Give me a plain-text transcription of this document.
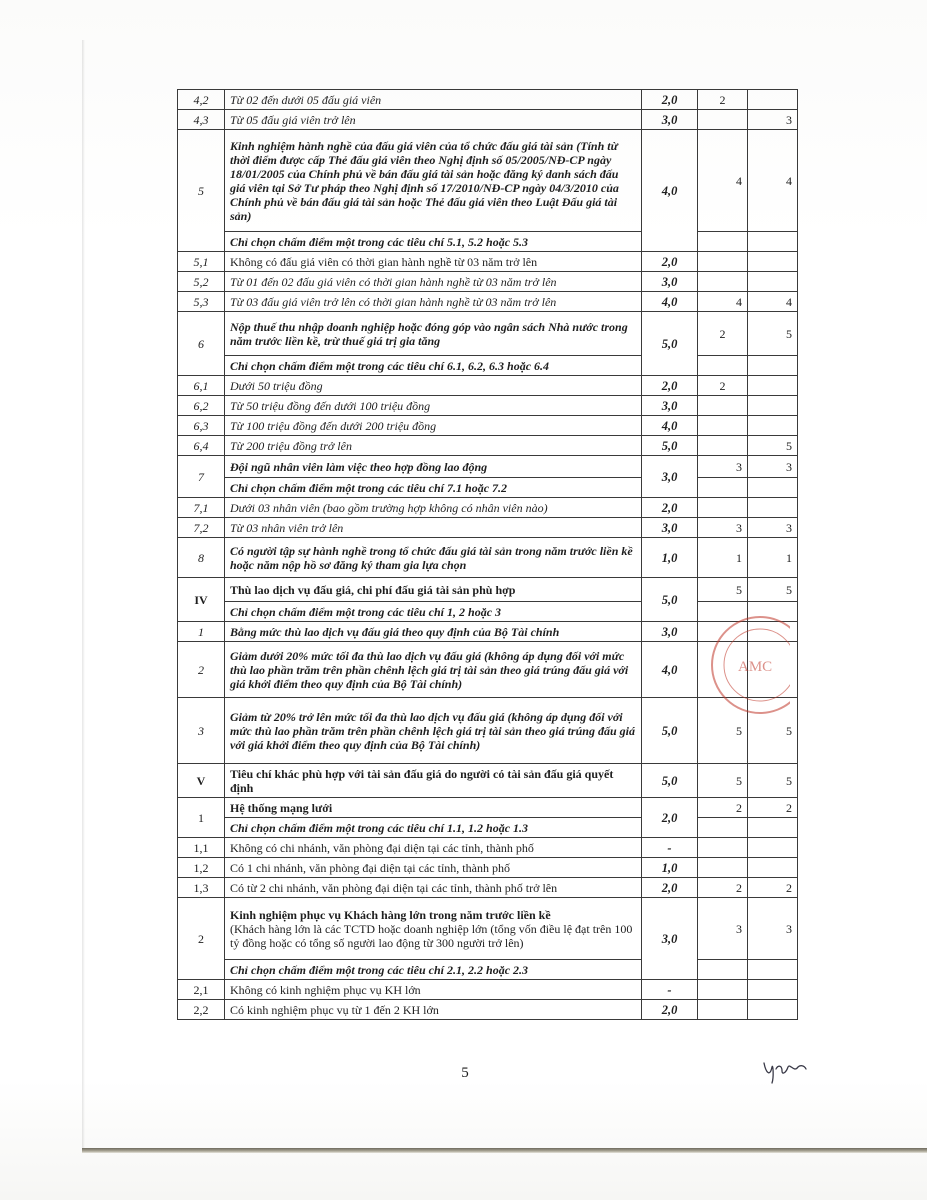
4,2	Từ 02 đến dưới 05 đấu giá viên	2,0	2	
4,3	Từ 05 đấu giá viên trở lên	3,0		3
5	Kinh nghiệm hành nghề của đấu giá viên của tổ chức đấu giá tài sản (Tính từ thời điểm được cấp Thẻ đấu giá viên theo Nghị định số 05/2005/NĐ-CP ngày 18/01/2005 của Chính phủ về bán đấu giá tài sản hoặc đăng ký danh sách đấu giá viên tại Sở Tư pháp theo Nghị định số 17/2010/NĐ-CP ngày 04/3/2010 của Chính phủ về bán đấu giá tài sản hoặc Thẻ đấu giá viên theo Luật Đấu giá tài sản)	4,0	4	4
	Chỉ chọn chấm điểm một trong các tiêu chí 5.1, 5.2 hoặc 5.3			
5,1	Không có đấu giá viên có thời gian hành nghề từ 03 năm trở lên	2,0		
5,2	Từ 01 đến 02 đấu giá viên có thời gian hành nghề từ 03 năm trở lên	3,0		
5,3	Từ 03 đấu giá viên trở lên có thời gian hành nghề từ 03 năm trở lên	4,0	4	4
6	Nộp thuế thu nhập doanh nghiệp hoặc đóng góp vào ngân sách Nhà nước trong năm trước liền kề, trừ thuế giá trị gia tăng	5,0	2	5
	Chỉ chọn chấm điểm một trong các tiêu chí 6.1, 6.2, 6.3 hoặc 6.4			
6,1	Dưới 50 triệu đồng	2,0	2	
6,2	Từ 50 triệu đồng đến dưới 100 triệu đồng	3,0		
6,3	Từ 100 triệu đồng đến dưới 200 triệu đồng	4,0		
6,4	Từ 200 triệu đồng trở lên	5,0		5
7	Đội ngũ nhân viên làm việc theo hợp đồng lao động	3,0	3	3
	Chỉ chọn chấm điểm một trong các tiêu chí 7.1 hoặc 7.2			
7,1	Dưới 03 nhân viên (bao gồm trường hợp không có nhân viên nào)	2,0		
7,2	Từ 03 nhân viên trở lên	3,0	3	3
8	Có người tập sự hành nghề trong tổ chức đấu giá tài sản trong năm trước liền kề hoặc năm nộp hồ sơ đăng ký tham gia lựa chọn	1,0	1	1
IV	Thù lao dịch vụ đấu giá, chi phí đấu giá tài sản phù hợp	5,0	5	5
	Chỉ chọn chấm điểm một trong các tiêu chí 1, 2 hoặc 3			
1	Bằng mức thù lao dịch vụ đấu giá theo quy định của Bộ Tài chính	3,0		
2	Giảm dưới 20% mức tối đa thù lao dịch vụ đấu giá (không áp dụng đối với mức thù lao phần trăm trên phần chênh lệch giá trị tài sản theo giá trúng đấu giá với giá khởi điểm theo quy định của Bộ Tài chính)	4,0		
3	Giảm từ 20% trở lên mức tối đa thù lao dịch vụ đấu giá (không áp dụng đối với mức thù lao phần trăm trên phần chênh lệch giá trị tài sản theo giá trúng đấu giá với giá khởi điểm theo quy định của Bộ Tài chính)	5,0	5	5
V	Tiêu chí khác phù hợp với tài sản đấu giá do người có tài sản đấu giá quyết định	5,0	5	5
1	Hệ thống mạng lưới	2,0	2	2
	Chỉ chọn chấm điểm một trong các tiêu chí 1.1, 1.2 hoặc 1.3			
1,1	Không có chi nhánh, văn phòng đại diện tại các tỉnh, thành phố	-		
1,2	Có 1 chi nhánh, văn phòng đại diện tại các tỉnh, thành phố	1,0		
1,3	Có từ 2 chi nhánh, văn phòng đại diện tại các tỉnh, thành phố trở lên	2,0	2	2
2	Kinh nghiệm phục vụ Khách hàng lớn trong năm trước liền kề
(Khách hàng lớn là các TCTD hoặc doanh nghiệp lớn (tổng vốn điều lệ đạt trên 100 tỷ đồng hoặc có tổng số người lao động từ 300 người trở lên)	3,0	3	3
	Chỉ chọn chấm điểm một trong các tiêu chí 2.1, 2.2 hoặc 2.3			
2,1	Không có kinh nghiệm phục vụ KH lớn	-		
2,2	Có kinh nghiệm phục vụ từ 1 đến 2 KH lớn	2,0		
AMC
5
